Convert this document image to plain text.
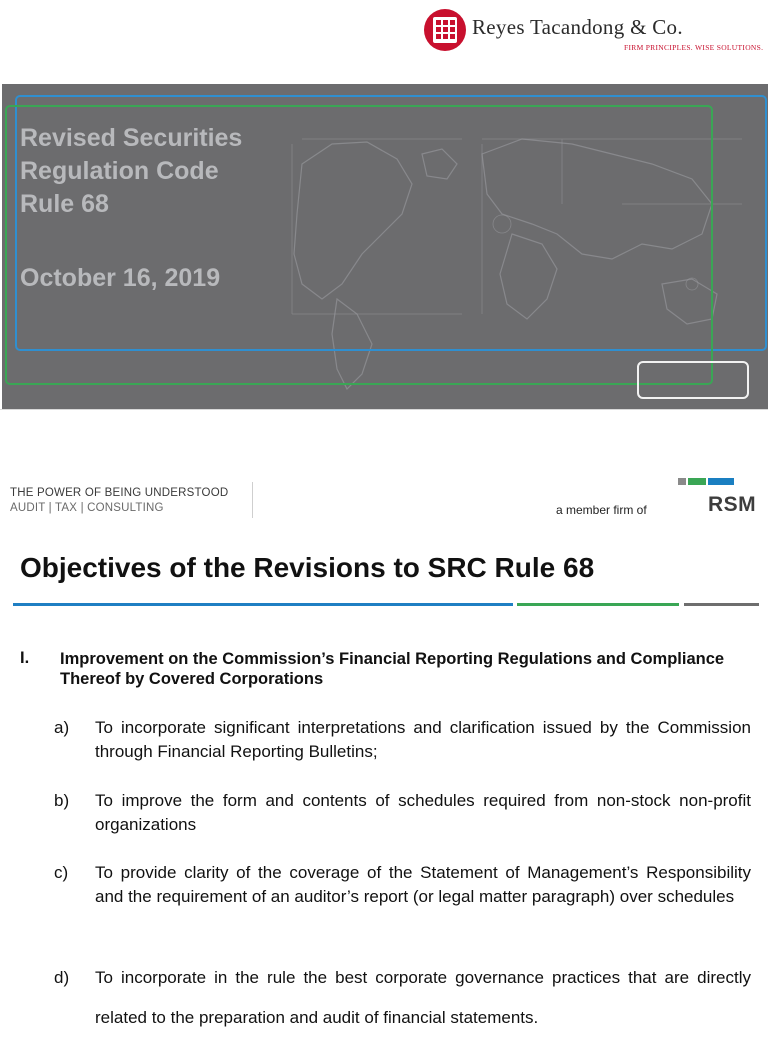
Reyes Tacandong & Co.
FIRM PRINCIPLES. WISE SOLUTIONS.
Revised Securities
Regulation Code
Rule 68
October 16, 2019
THE POWER OF BEING UNDERSTOOD
AUDIT | TAX | CONSULTING	a member firm of	RSM
Objectives of the Revisions to SRC Rule 68
I. Improvement on the Commission’s Financial Reporting Regulations and Compliance Thereof by Covered Corporations
a) To incorporate significant interpretations and clarification issued by the Commission through Financial Reporting Bulletins;
b) To improve the form and contents of schedules required from non-stock non-profit organizations
c) To provide clarity of the coverage of the Statement of Management’s Responsibility and the requirement of an auditor’s report (or legal matter paragraph) over schedules
d) To incorporate in the rule the best corporate governance practices that are directly related to the preparation and audit of financial statements.
